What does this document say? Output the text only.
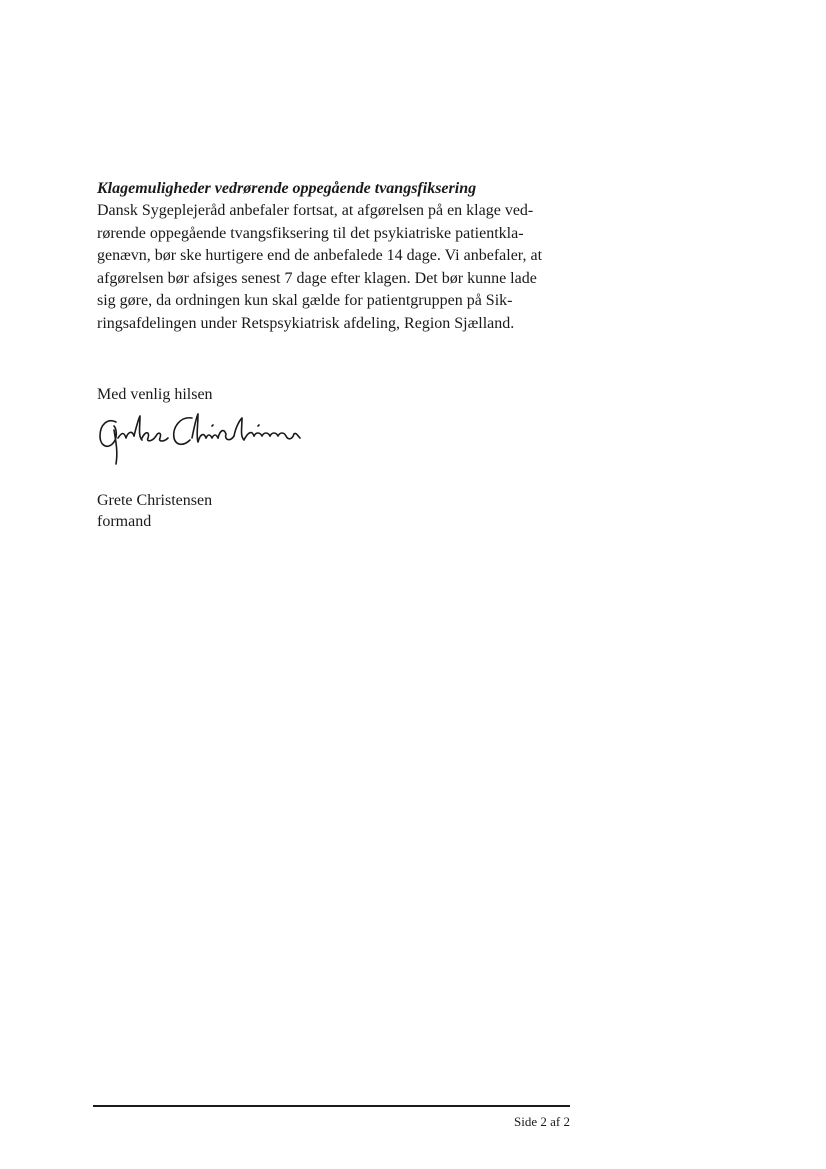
Klagemuligheder vedrørende oppegående tvangsfiksering
Dansk Sygeplejeråd anbefaler fortsat, at afgørelsen på en klage ved-
rørende oppegående tvangsfiksering til det psykiatriske patientkla-
genævn, bør ske hurtigere end de anbefalede 14 dage. Vi anbefaler, at
afgørelsen bør afsiges senest 7 dage efter klagen. Det bør kunne lade
sig gøre, da ordningen kun skal gælde for patientgruppen på Sik-
ringsafdelingen under Retspsykiatrisk afdeling, Region Sjælland.
Med venlig hilsen
Grete Christensen
formand
Side 2 af 2
